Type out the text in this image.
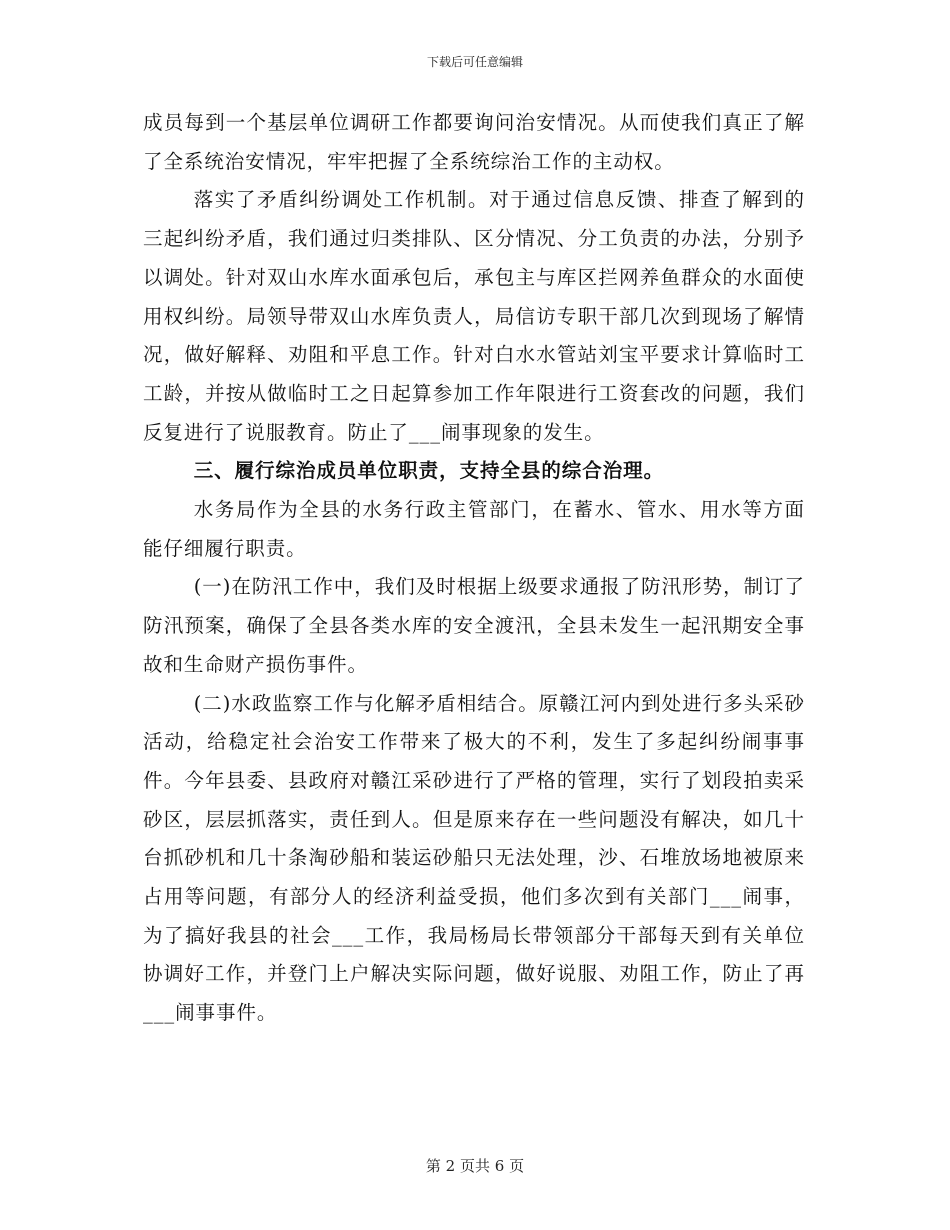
下载后可任意编辑

成员每到一个基层单位调研工作都要询问治安情况。从而使我们真正了解了全系统治安情况，牢牢把握了全系统综治工作的主动权。

落实了矛盾纠纷调处工作机制。对于通过信息反馈、排查了解到的三起纠纷矛盾，我们通过归类排队、区分情况、分工负责的办法，分别予以调处。针对双山水库水面承包后，承包主与库区拦网养鱼群众的水面使用权纠纷。局领导带双山水库负责人，局信访专职干部几次到现场了解情况，做好解释、劝阻和平息工作。针对白水水管站刘宝平要求计算临时工工龄，并按从做临时工之日起算参加工作年限进行工资套改的问题，我们反复进行了说服教育。防止了___闹事现象的发生。

三、履行综治成员单位职责，支持全县的综合治理。

水务局作为全县的水务行政主管部门，在蓄水、管水、用水等方面能仔细履行职责。

(一)在防汛工作中，我们及时根据上级要求通报了防汛形势，制订了防汛预案，确保了全县各类水库的安全渡汛，全县未发生一起汛期安全事故和生命财产损伤事件。

(二)水政监察工作与化解矛盾相结合。原赣江河内到处进行多头采砂活动，给稳定社会治安工作带来了极大的不利，发生了多起纠纷闹事事件。今年县委、县政府对赣江采砂进行了严格的管理，实行了划段拍卖采砂区，层层抓落实，责任到人。但是原来存在一些问题没有解决，如几十台抓砂机和几十条淘砂船和装运砂船只无法处理，沙、石堆放场地被原来占用等问题，有部分人的经济利益受损，他们多次到有关部门___闹事，为了搞好我县的社会___工作，我局杨局长带领部分干部每天到有关单位协调好工作，并登门上户解决实际问题，做好说服、劝阻工作，防止了再___闹事事件。

第 2 页共 6 页
